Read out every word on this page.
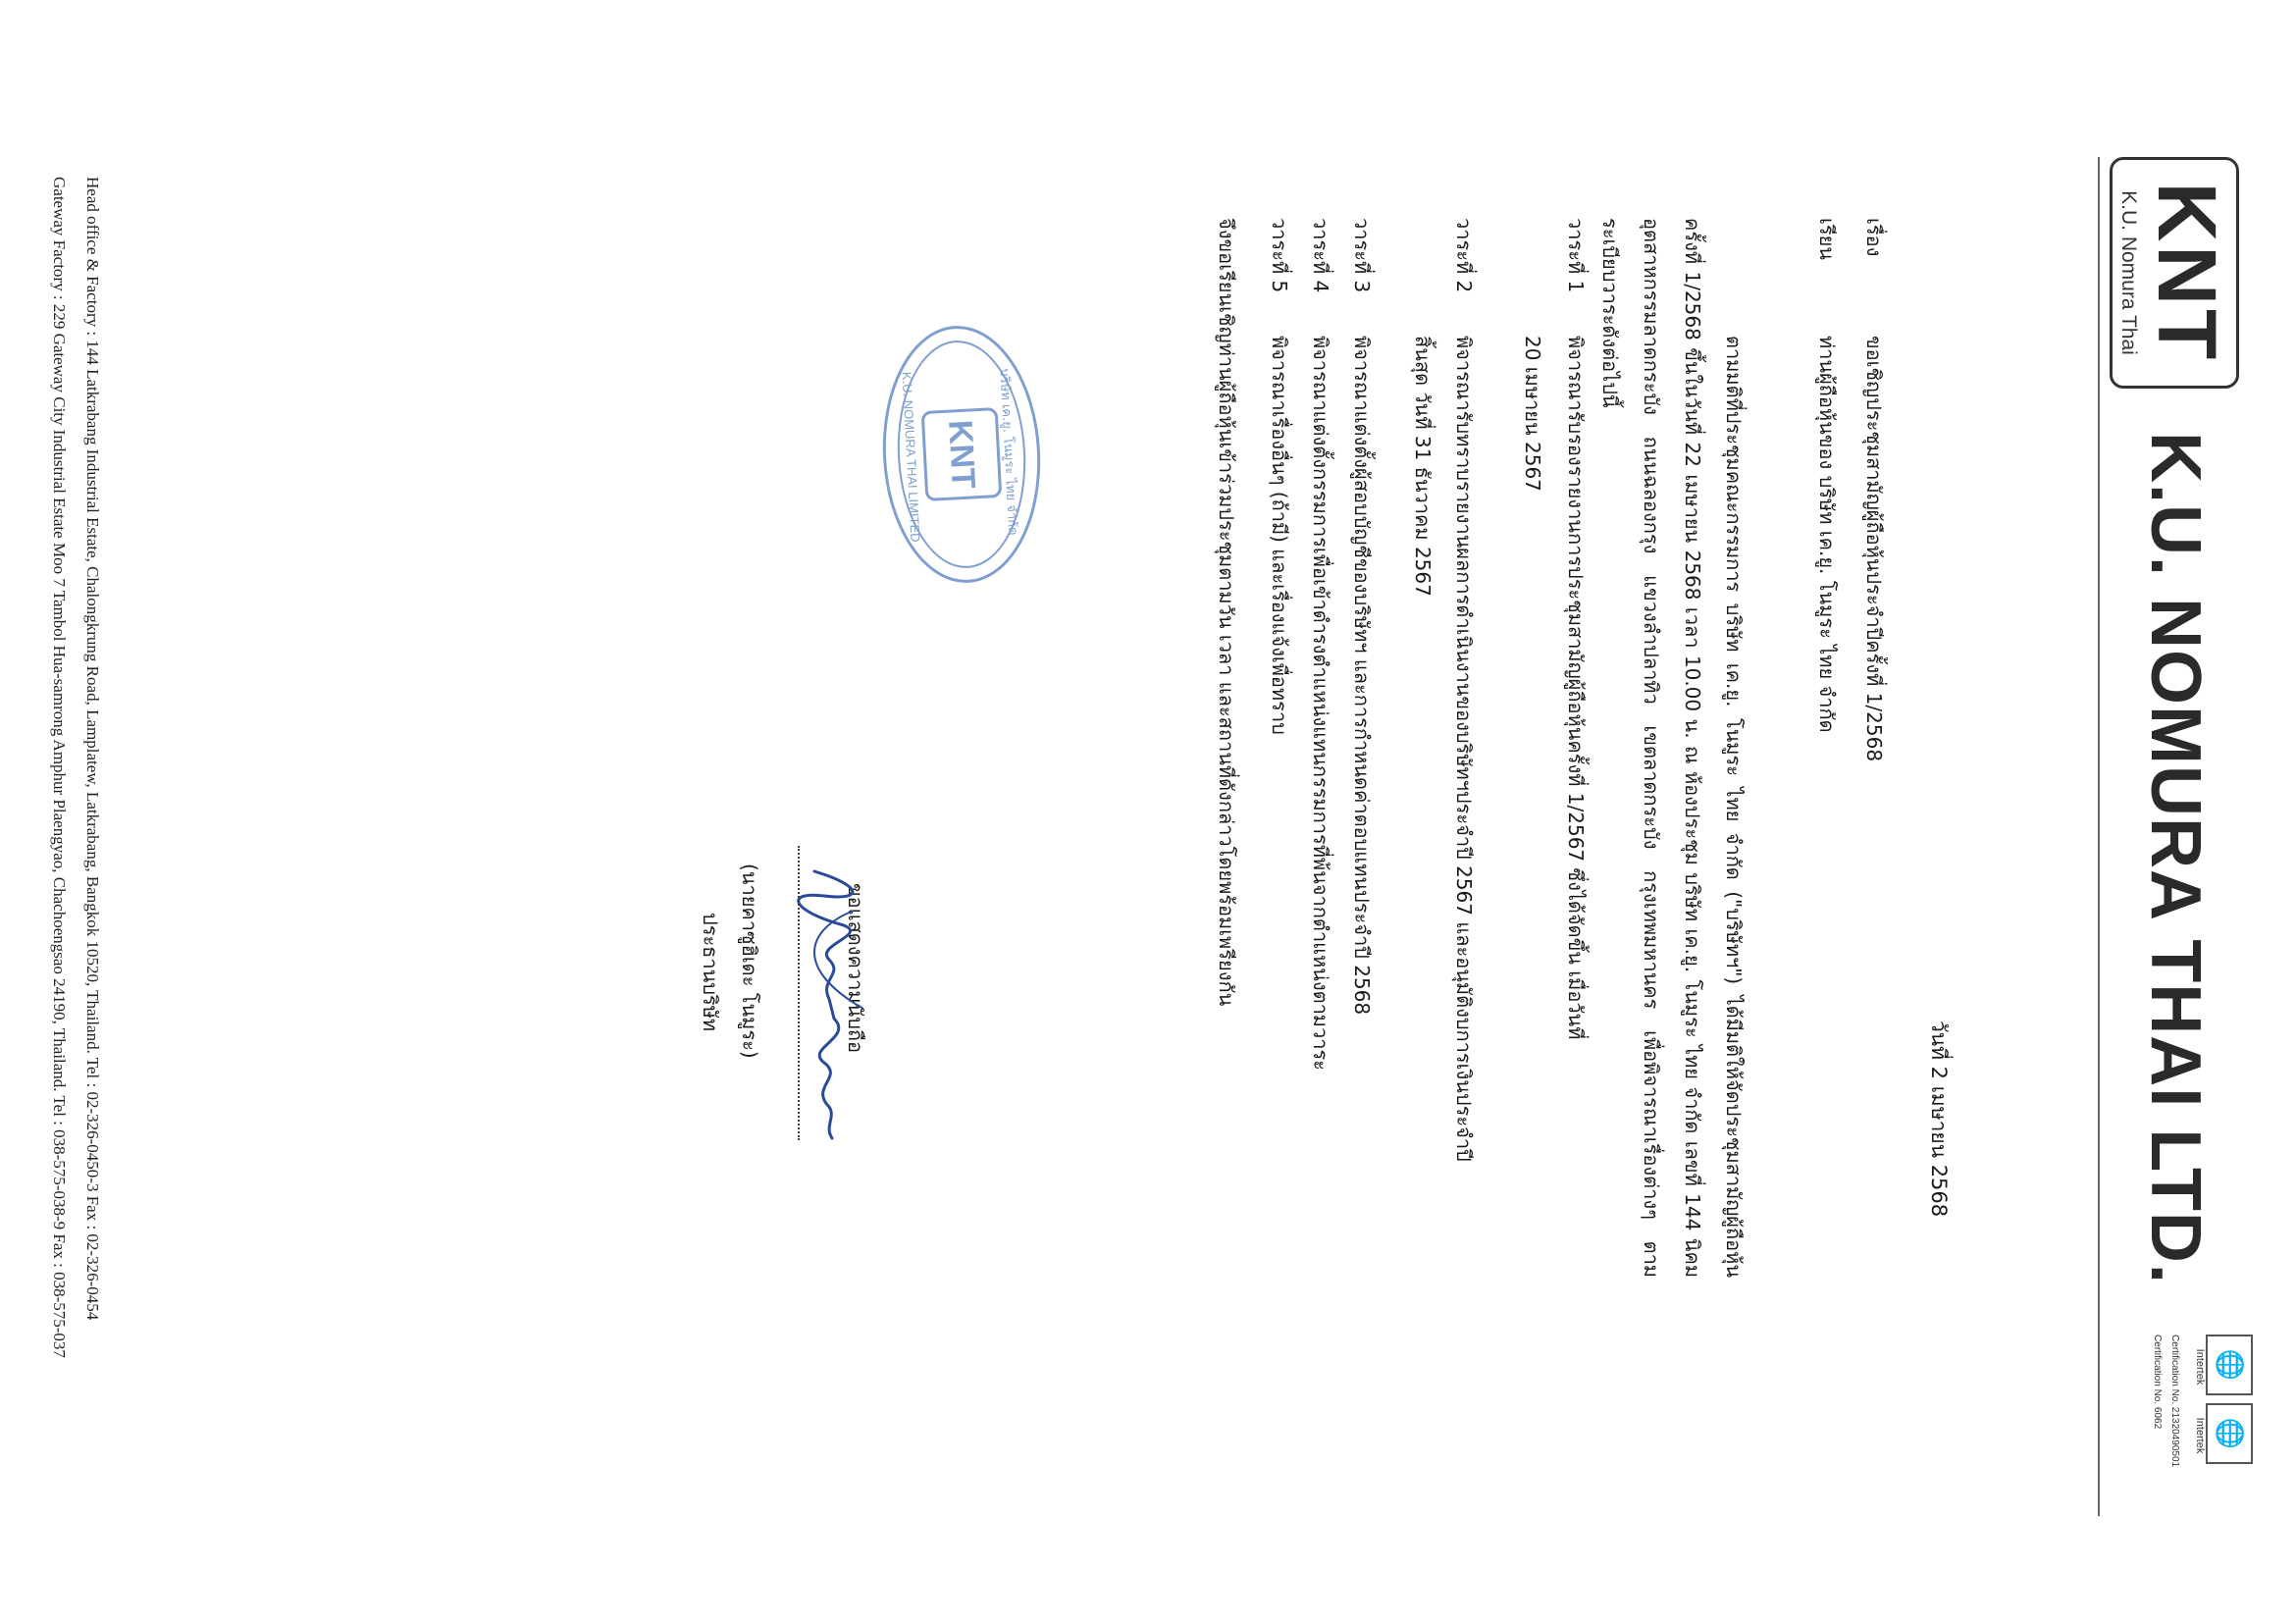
KNT
K.U. Nomura Thai
K.U. NOMURA THAI LTD.
🌐
Intertek
🌐
Intertek
Certification No. 21320490501
Certification No. 6062
วันที่ 2 เมษายน 2568
เรื่อง
ขอเชิญประชุมสามัญผู้ถือหุ้นประจำปีครั้งที่ 1/2568
เรียน
ท่านผู้ถือหุ้นของ บริษัท เค.ยู. โนมูระ ไทย จำกัด
ตามมติที่ประชุมคณะกรรมการ บริษัท เค.ยู. โนมูระ ไทย จำกัด ("บริษัทฯ") ได้มีมติให้จัดประชุมสามัญผู้ถือหุ้น ครั้งที่ 1/2568 ขึ้นในวันที่ 22 เมษายน 2568 เวลา 10.00 น. ณ ห้องประชุม บริษัท เค.ยู. โนมูระ ไทย จำกัด เลขที่ 144 นิคมอุตสาหกรรมลาดกระบัง ถนนฉลองกรุง แขวงลำปลาทิว เขตลาดกระบัง กรุงเทพมหานคร เพื่อพิจารณาเรื่องต่างๆ ตามระเบียบวาระดังต่อไปนี้
วาระที่ 1
พิจารณารับรองรายงานการประชุมสามัญผู้ถือหุ้นครั้งที่ 1/2567 ซึ่งได้จัดขึ้น เมื่อวันที่
20 เมษายน 2567
วาระที่ 2
พิจารณารับทราบรายงานผลการดำเนินงานของบริษัทฯประจำปี 2567 และอนุมัติงบการเงินประจำปี
สิ้นสุด วันที่ 31 ธันวาคม 2567
วาระที่ 3
พิจารณาแต่งตั้งผู้สอบบัญชีของบริษัทฯ และการกำหนดค่าตอบแทนประจำปี 2568
วาระที่ 4
พิจารณาแต่งตั้งกรรมการเพื่อเข้าดำรงตำแหน่งแทนกรรมการที่พ้นจากตำแหน่งตามวาระ
วาระที่ 5
พิจารณาเรื่องอื่นๆ (ถ้ามี) และเรื่องแจ้งเพื่อทราบ
จึงขอเรียนเชิญท่านผู้ถือหุ้นเข้าร่วมประชุมตามวัน เวลา และสถานที่ดังกล่าวโดยพร้อมเพรียงกัน
บริษัท เค.ยู. โนมูระ ไทย จำกัด
KNT
K.U. NOMURA THAI LIMITED
ขอแสดงความนับถือ
(นายคาซูฮิเดะ โนมูระ)
ประธานบริษัท
Head office & Factory : 144 Latkrabang Industrial Estate, Chalongkrung Road, Lamplatew, Latkrabang, Bangkok 10520, Thailand. Tel : 02-326-0450-3 Fax : 02-326-0454
Gateway Factory : 229 Gateway City Industrial Estate Moo 7 Tambol Hua-samrong Amphur Plaengyao, Chachoengsao 24190, Thailand. Tel : 038-575-038-9 Fax : 038-575-037
